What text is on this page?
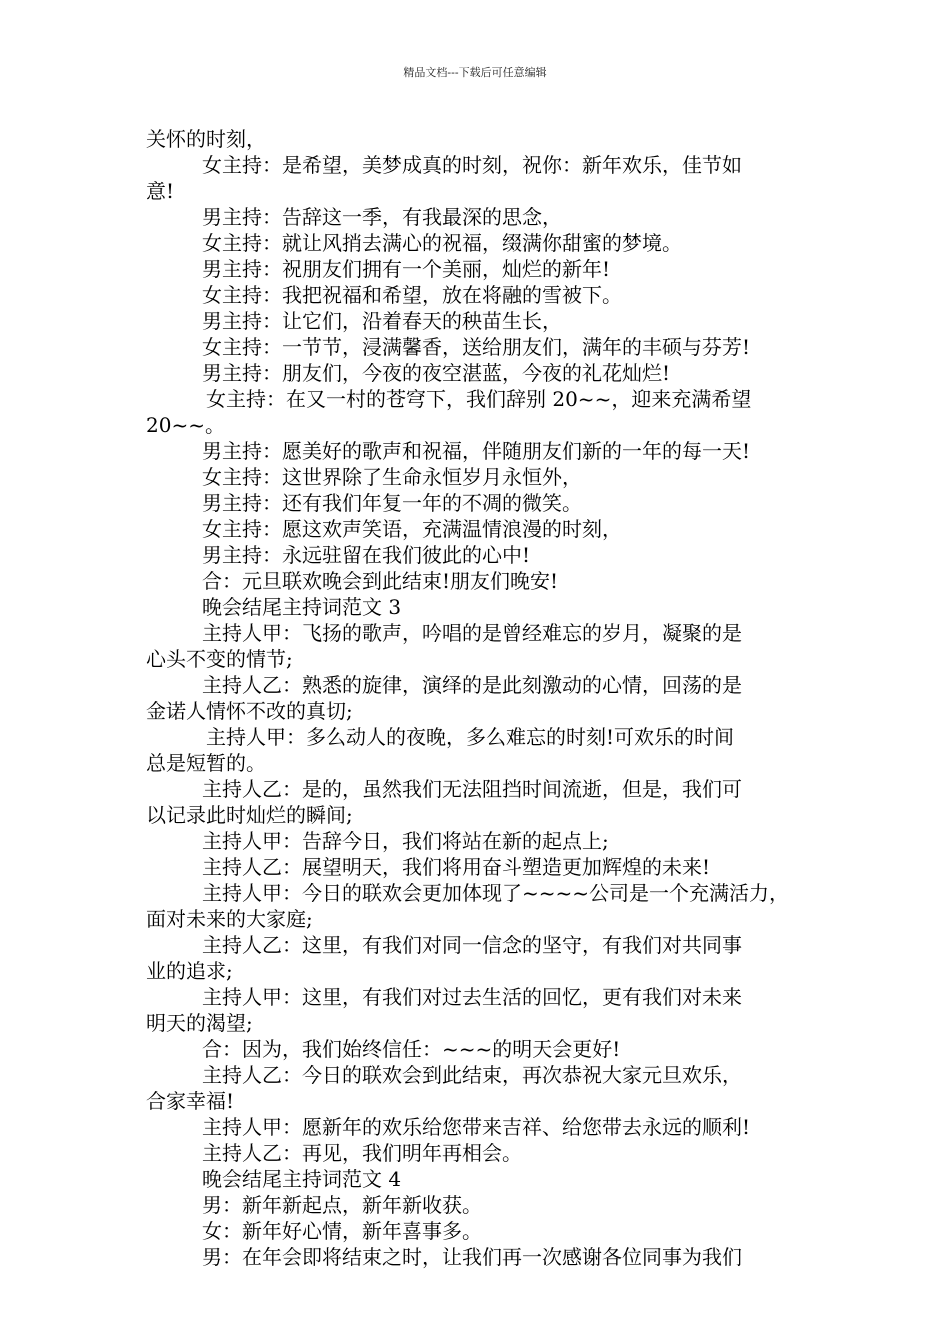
精品文档---下载后可任意编辑

关怀的时刻，

女主持：是希望，美梦成真的时刻，祝你：新年欢乐，佳节如

意!

男主持：告辞这一季，有我最深的思念，

女主持：就让风捎去满心的祝福，缀满你甜蜜的梦境。

男主持：祝朋友们拥有一个美丽，灿烂的新年!

女主持：我把祝福和希望，放在将融的雪被下。

男主持：让它们，沿着春天的秧苗生长，

女主持：一节节，浸满馨香，送给朋友们，满年的丰硕与芬芳!

男主持：朋友们，今夜的夜空湛蓝，今夜的礼花灿烂!

女主持：在又一村的苍穹下，我们辞别 20~~，迎来充满希望

20~~。

男主持：愿美好的歌声和祝福，伴随朋友们新的一年的每一天!

女主持：这世界除了生命永恒岁月永恒外，

男主持：还有我们年复一年的不凋的微笑。

女主持：愿这欢声笑语，充满温情浪漫的时刻，

男主持：永远驻留在我们彼此的心中!

合：元旦联欢晚会到此结束!朋友们晚安!

晚会结尾主持词范文 3

主持人甲：飞扬的歌声，吟唱的是曾经难忘的岁月，凝聚的是

心头不变的情节;

主持人乙：熟悉的旋律，演绎的是此刻激动的心情，回荡的是

金诺人情怀不改的真切;

主持人甲：多么动人的夜晚，多么难忘的时刻!可欢乐的时间

总是短暂的。

主持人乙：是的，虽然我们无法阻挡时间流逝，但是，我们可

以记录此时灿烂的瞬间;

主持人甲：告辞今日，我们将站在新的起点上;

主持人乙：展望明天，我们将用奋斗塑造更加辉煌的未来!

主持人甲：今日的联欢会更加体现了~~~~公司是一个充满活力，

面对未来的大家庭;

主持人乙：这里，有我们对同一信念的坚守，有我们对共同事

业的追求;

主持人甲：这里，有我们对过去生活的回忆，更有我们对未来

明天的渴望;

合：因为，我们始终信任：~~~的明天会更好!

主持人乙：今日的联欢会到此结束，再次恭祝大家元旦欢乐，

合家幸福!

主持人甲：愿新年的欢乐给您带来吉祥、给您带去永远的顺利!

主持人乙：再见，我们明年再相会。

晚会结尾主持词范文 4

男：新年新起点，新年新收获。

女：新年好心情，新年喜事多。

男：在年会即将结束之时，让我们再一次感谢各位同事为我们
